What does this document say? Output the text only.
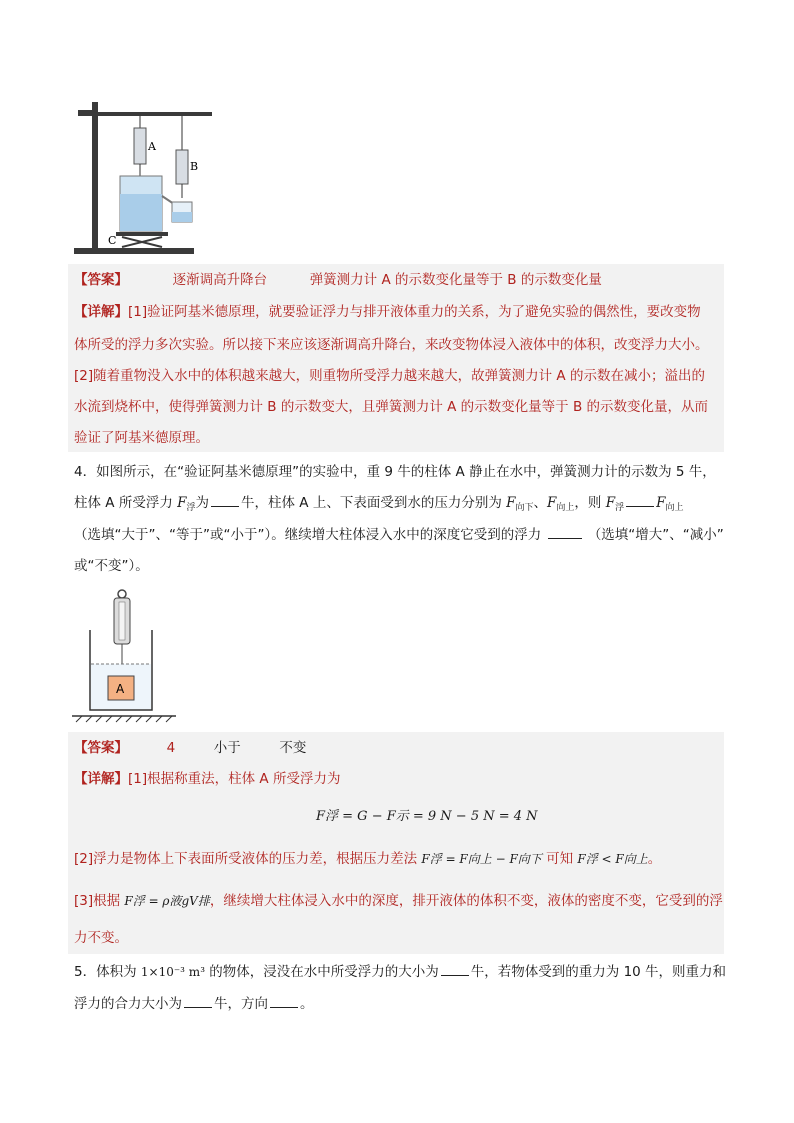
A
B
C
【答案】	逐渐调高升降台	弹簧测力计 A 的示数变化量等于 B 的示数变化量
【详解】[1]验证阿基米德原理，就要验证浮力与排开液体重力的关系，为了避免实验的偶然性，要改变物
体所受的浮力多次实验。所以接下来应该逐渐调高升降台，来改变物体浸入液体中的体积，改变浮力大小。
[2]随着重物没入水中的体积越来越大，则重物所受浮力越来越大，故弹簧测力计 A 的示数在减小；溢出的
水流到烧杯中，使得弹簧测力计 B 的示数变大，且弹簧测力计 A 的示数变化量等于 B 的示数变化量，从而
验证了阿基米德原理。
4．如图所示，在“验证阿基米德原理”的实验中，重 9 牛的柱体 A 静止在水中，弹簧测力计的示数为 5 牛，
柱体 A 所受浮力 $F_浮$为 牛，柱体 A 上、下表面受到水的压力分别为 $F_{向下}$、$F_{向上}$，则 $F_浮$ $F_{向上}$
（选填“大于”、“等于”或“小于”）。继续增大柱体浸入水中的深度它受到的浮力	（选填“增大”、“减小”
或“不变”）。
A
【答案】	4	小于	不变
【详解】[1]根据称重法，柱体 A 所受浮力为
F浮 = G − F示 = 9 N − 5 N = 4 N
[2]浮力是物体上下表面所受液体的压力差，根据压力差法 F浮 = F向上 − F向下 可知 F浮 < F向上。
[3]根据 F浮 = ρ液gV排，继续增大柱体浸入水中的深度，排开液体的体积不变，液体的密度不变，它受到的浮
力不变。
5．体积为 1×10⁻³ m³ 的物体，浸没在水中所受浮力的大小为 牛，若物体受到的重力为 10 牛，则重力和
浮力的合力大小为 牛，方向 。
